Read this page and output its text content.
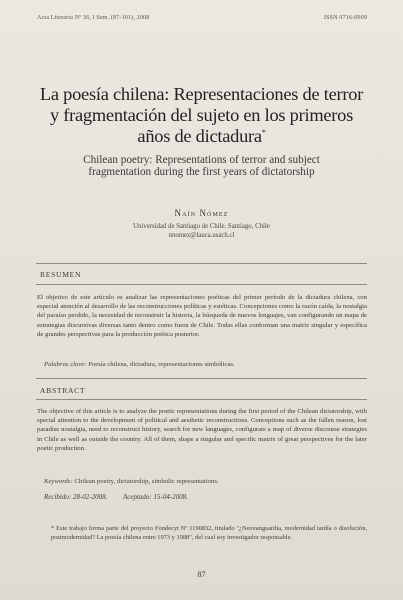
Acta Literaria Nº 36, I Sem. (87-101), 2008	ISSN 0716-0909
La poesía chilena: Representaciones de terror
y fragmentación del sujeto en los primeros
años de dictadura*
Chilean poetry: Representations of terror and subject
fragmentation during the first years of dictatorship
Naín Nómez
Universidad de Santiago de Chile. Santiago, Chile
nnomez@lauca.usach.cl
RESUMEN
El objetivo de este artículo es analizar las representaciones poéticas del primer período de la dictadura chilena, con especial atención al desarrollo de las reconstrucciones políticas y estéticas. Concepciones como la razón caída, la nostalgia del paraíso perdido, la necesidad de reconstruir la historia, la búsqueda de nuevos lenguajes, van configurando un mapa de estrategias discursivas diversas tanto dentro como fuera de Chile. Todas ellas conforman una matriz singular y específica de grandes perspectivas para la producción poética posterior.
Palabras clave: Poesía chilena, dictadura, representaciones simbólicas.
ABSTRACT
The objective of this article is to analyze the poetic representations during the first period of the Chilean dictatorship, with special attention to the development of political and aesthetic reconstructions. Conceptions such as the fallen reason, lost paradise nostalgia, need to reconstruct history, search for new languages, configurate a map of diverse discourse strategies in Chile as well as outside the country. All of them, shape a singular and specific matrix of great perspectives for the later poetic production.
Keywords: Chilean poetry, dictatorship, simbolic representations.
Recibido: 28-02-2008. Aceptado: 15-04-2008.
* Este trabajo forma parte del proyecto Fondecyt Nº 1190832, titulado "¿Neovanguardia, modernidad tardía o disolución, postmodernidad? La poesía chilena entre 1973 y 1988", del cual soy investigador responsable.
87
